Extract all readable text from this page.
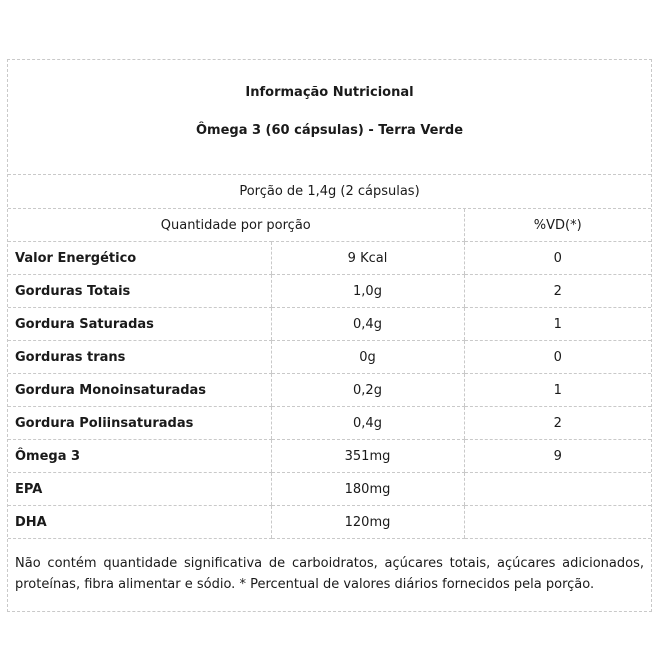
Informação Nutricional
Ômega 3 (60 cápsulas) - Terra Verde
Porção de 1,4g (2 cápsulas)
Quantidade por porção		%VD(*)
Valor Energético	9 Kcal	0
Gorduras Totais	1,0g	2
Gordura Saturadas	0,4g	1
Gorduras trans	0g	0
Gordura Monoinsaturadas	0,2g	1
Gordura Poliinsaturadas	0,4g	2
Ômega 3	351mg	9
EPA	180mg	
DHA	120mg	
Não contém quantidade significativa de carboidratos, açúcares totais, açúcares adicionados, proteínas, fibra alimentar e sódio. * Percentual de valores diários fornecidos pela porção.
